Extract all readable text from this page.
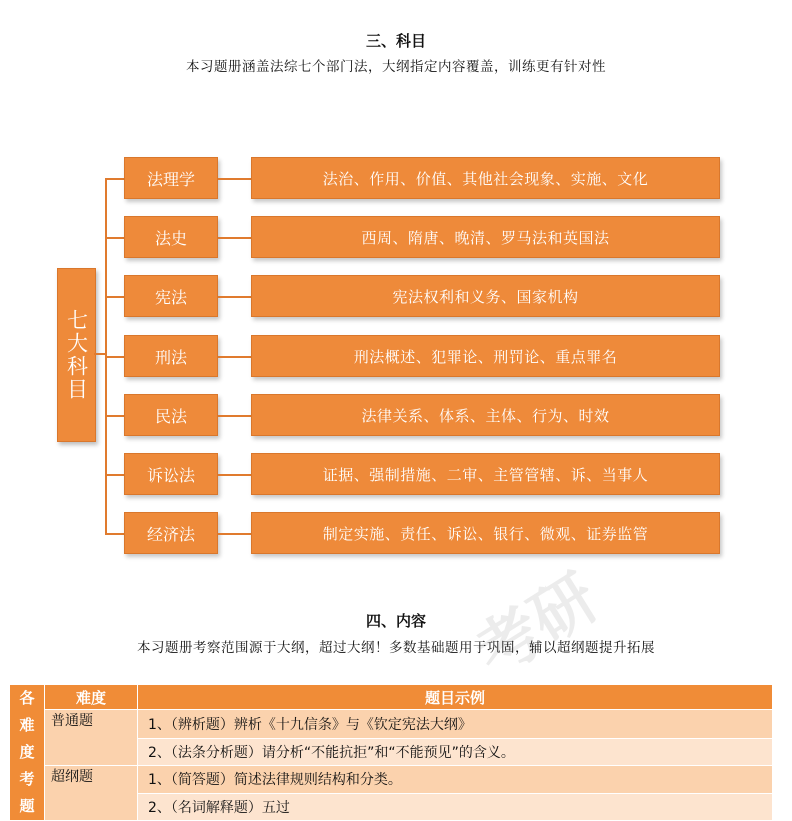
三、科目
本习题册涵盖法综七个部门法，大纲指定内容覆盖，训练更有针对性
七大科目
法理学	法治、作用、价值、其他社会现象、实施、文化
法史	西周、隋唐、晚清、罗马法和英国法
宪法	宪法权利和义务、国家机构
刑法	刑法概述、犯罪论、刑罚论、重点罪名
民法	法律关系、体系、主体、行为、时效
诉讼法	证据、强制措施、二审、主管管辖、诉、当事人
经济法	制定实施、责任、诉讼、银行、微观、证券监管
考研
四、内容
本习题册考察范围源于大纲，超过大纲！多数基础题用于巩固，辅以超纲题提升拓展
各难度考题	难度	题目示例
	普通题	1、（辨析题）辨析《十九信条》与《钦定宪法大纲》
		2、（法条分析题）请分析“不能抗拒”和“不能预见”的含义。
	超纲题	1、（简答题）简述法律规则结构和分类。
		2、（名词解释题）五过
